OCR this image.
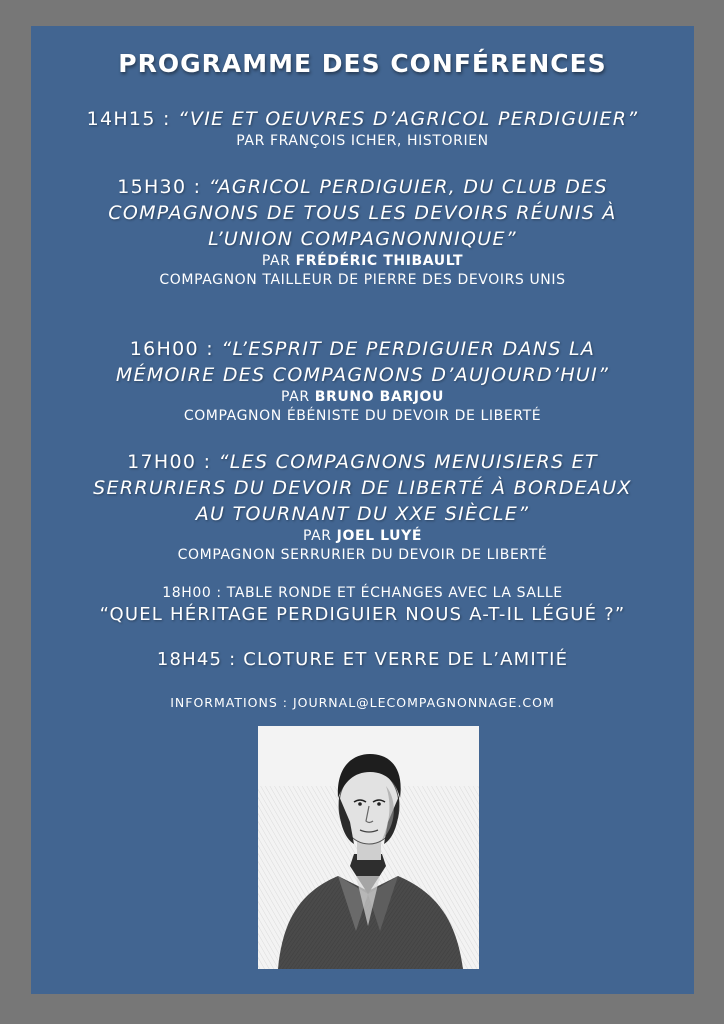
PROGRAMME DES CONFÉRENCES
14H15 : “VIE ET OEUVRES D’AGRICOL PERDIGUIER”
PAR FRANÇOIS ICHER, HISTORIEN
15H30 : “AGRICOL PERDIGUIER, DU CLUB DES
COMPAGNONS DE TOUS LES DEVOIRS RÉUNIS À
L’UNION COMPAGNONNIQUE”
PAR FRÉDÉRIC THIBAULT
COMPAGNON TAILLEUR DE PIERRE DES DEVOIRS UNIS
16H00 : “L’ESPRIT DE PERDIGUIER DANS LA
MÉMOIRE DES COMPAGNONS D’AUJOURD’HUI”
PAR BRUNO BARJOU
COMPAGNON ÉBÉNISTE DU DEVOIR DE LIBERTÉ
17H00 : “LES COMPAGNONS MENUISIERS ET
SERRURIERS DU DEVOIR DE LIBERTÉ À BORDEAUX
AU TOURNANT DU XXE SIÈCLE”
PAR JOEL LUYÉ
COMPAGNON SERRURIER DU DEVOIR DE LIBERTÉ
18H00 : TABLE RONDE ET ÉCHANGES AVEC LA SALLE
“QUEL HÉRITAGE PERDIGUIER NOUS A-T-IL LÉGUÉ ?”
18H45 : CLOTURE ET VERRE DE L’AMITIÉ
INFORMATIONS : JOURNAL@LECOMPAGNONNAGE.COM
